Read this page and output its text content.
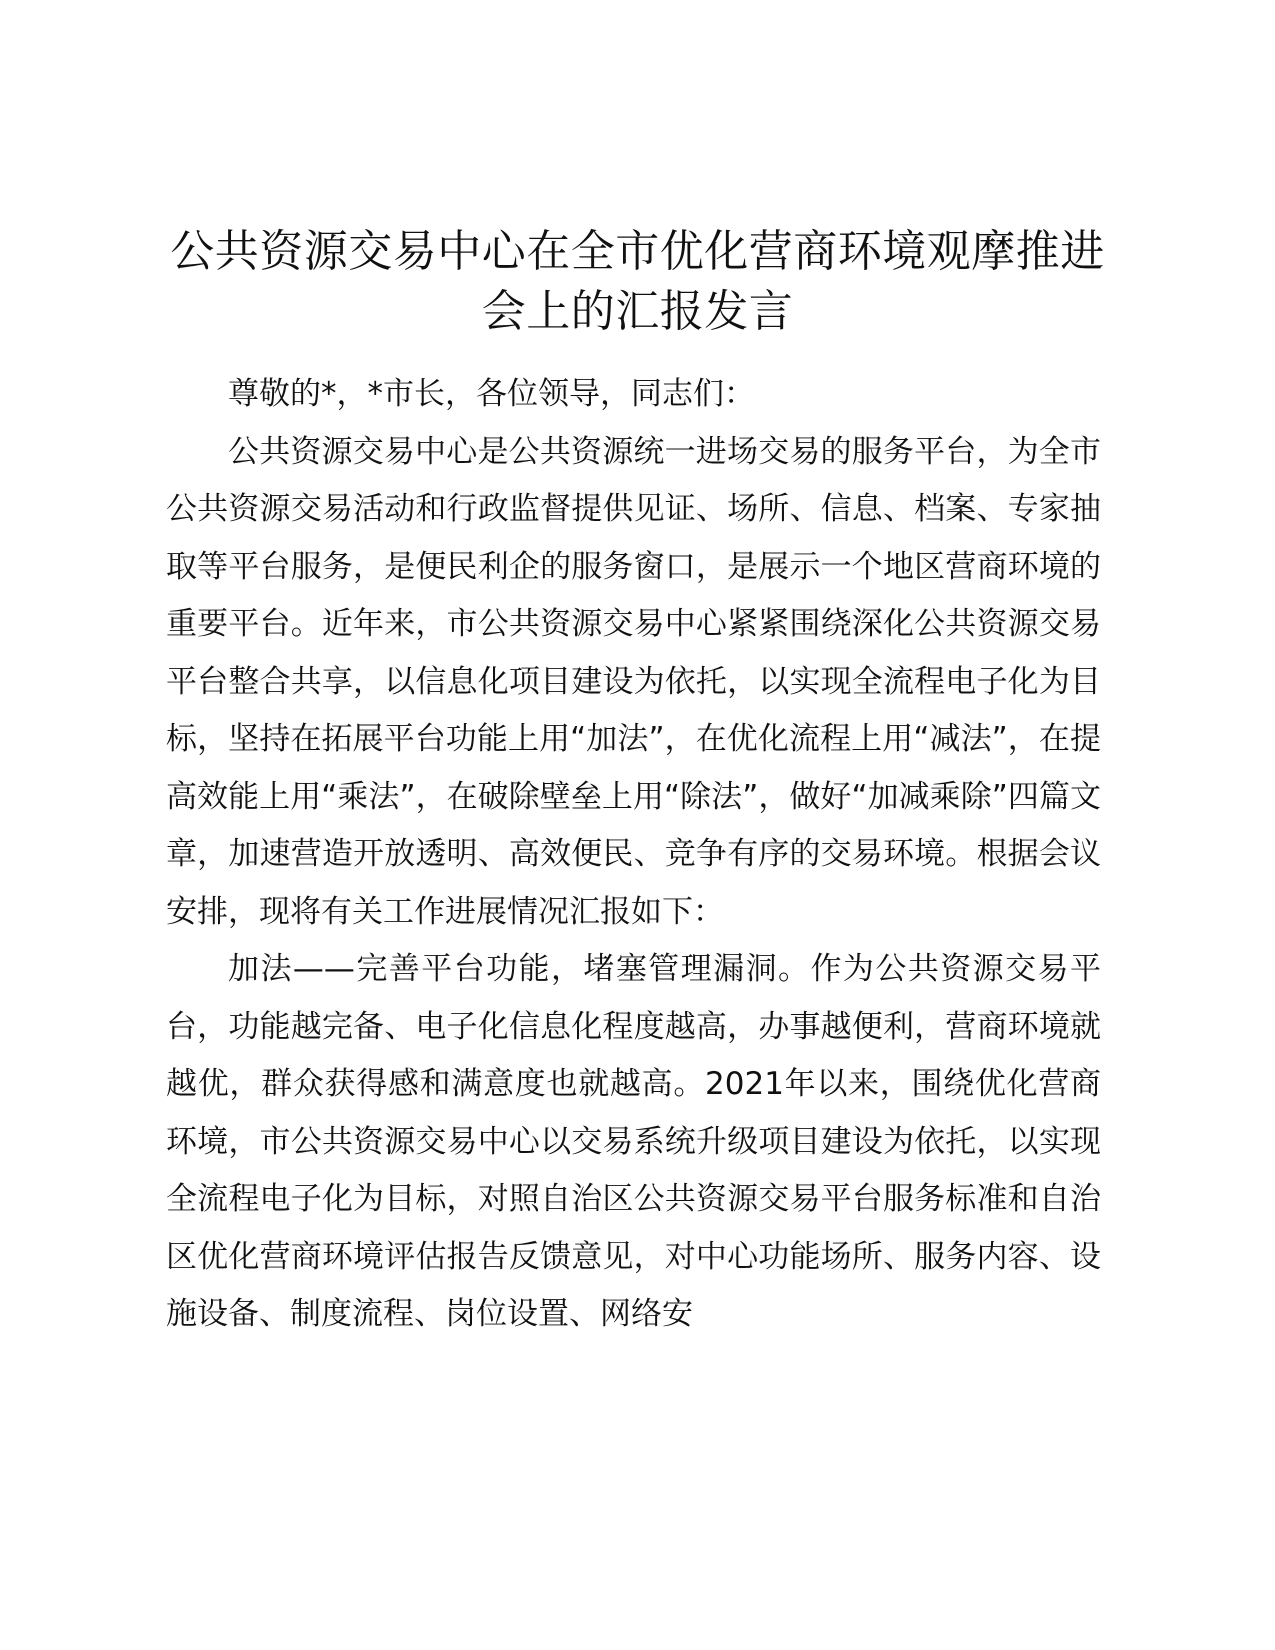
公共资源交易中心在全市优化营商环境观摩推进会上的汇报发言

尊敬的*，*市长，各位领导，同志们：

公共资源交易中心是公共资源统一进场交易的服务平台，为全市公共资源交易活动和行政监督提供见证、场所、信息、档案、专家抽取等平台服务，是便民利企的服务窗口，是展示一个地区营商环境的重要平台。近年来，市公共资源交易中心紧紧围绕深化公共资源交易平台整合共享，以信息化项目建设为依托，以实现全流程电子化为目标，坚持在拓展平台功能上用“加法”，在优化流程上用“减法”，在提高效能上用“乘法”，在破除壁垒上用“除法”，做好“加减乘除”四篇文章，加速营造开放透明、高效便民、竞争有序的交易环境。根据会议安排，现将有关工作进展情况汇报如下：

加法——完善平台功能，堵塞管理漏洞。作为公共资源交易平台，功能越完备、电子化信息化程度越高，办事越便利，营商环境就越优，群众获得感和满意度也就越高。2021年以来，围绕优化营商环境，市公共资源交易中心以交易系统升级项目建设为依托，以实现全流程电子化为目标，对照自治区公共资源交易平台服务标准和自治区优化营商环境评估报告反馈意见，对中心功能场所、服务内容、设施设备、制度流程、岗位设置、网络安
